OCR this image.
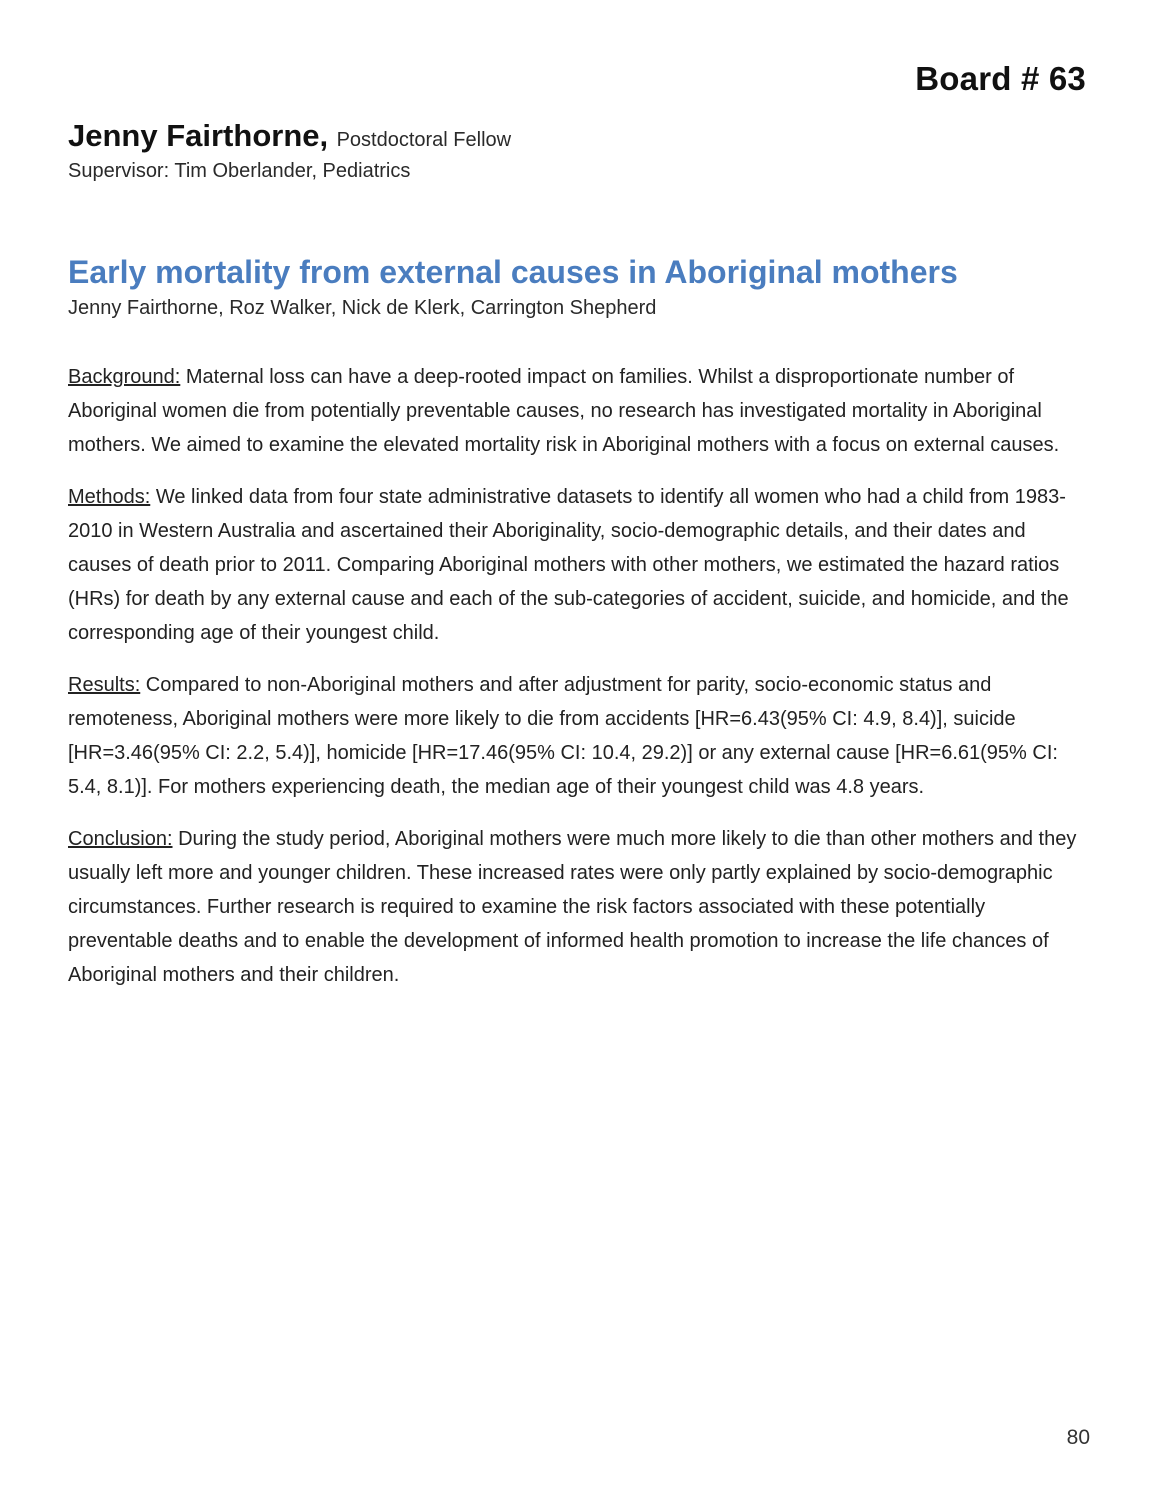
Board # 63
Jenny Fairthorne, Postdoctoral Fellow
Supervisor: Tim Oberlander, Pediatrics
Early mortality from external causes in Aboriginal mothers
Jenny Fairthorne, Roz Walker, Nick de Klerk, Carrington Shepherd

Background: Maternal loss can have a deep-rooted impact on families. Whilst a disproportionate number of Aboriginal women die from potentially preventable causes, no research has investigated mortality in Aboriginal mothers. We aimed to examine the elevated mortality risk in Aboriginal mothers with a focus on external causes.

Methods: We linked data from four state administrative datasets to identify all women who had a child from 1983-2010 in Western Australia and ascertained their Aboriginality, socio-demographic details, and their dates and causes of death prior to 2011. Comparing Aboriginal mothers with other mothers, we estimated the hazard ratios (HRs) for death by any external cause and each of the sub-categories of accident, suicide, and homicide, and the corresponding age of their youngest child.

Results: Compared to non-Aboriginal mothers and after adjustment for parity, socio-economic status and remoteness, Aboriginal mothers were more likely to die from accidents [HR=6.43(95% CI: 4.9, 8.4)], suicide [HR=3.46(95% CI: 2.2, 5.4)], homicide [HR=17.46(95% CI: 10.4, 29.2)] or any external cause [HR=6.61(95% CI: 5.4, 8.1)]. For mothers experiencing death, the median age of their youngest child was 4.8 years.

Conclusion: During the study period, Aboriginal mothers were much more likely to die than other mothers and they usually left more and younger children. These increased rates were only partly explained by socio-demographic circumstances. Further research is required to examine the risk factors associated with these potentially preventable deaths and to enable the development of informed health promotion to increase the life chances of Aboriginal mothers and their children.

80
